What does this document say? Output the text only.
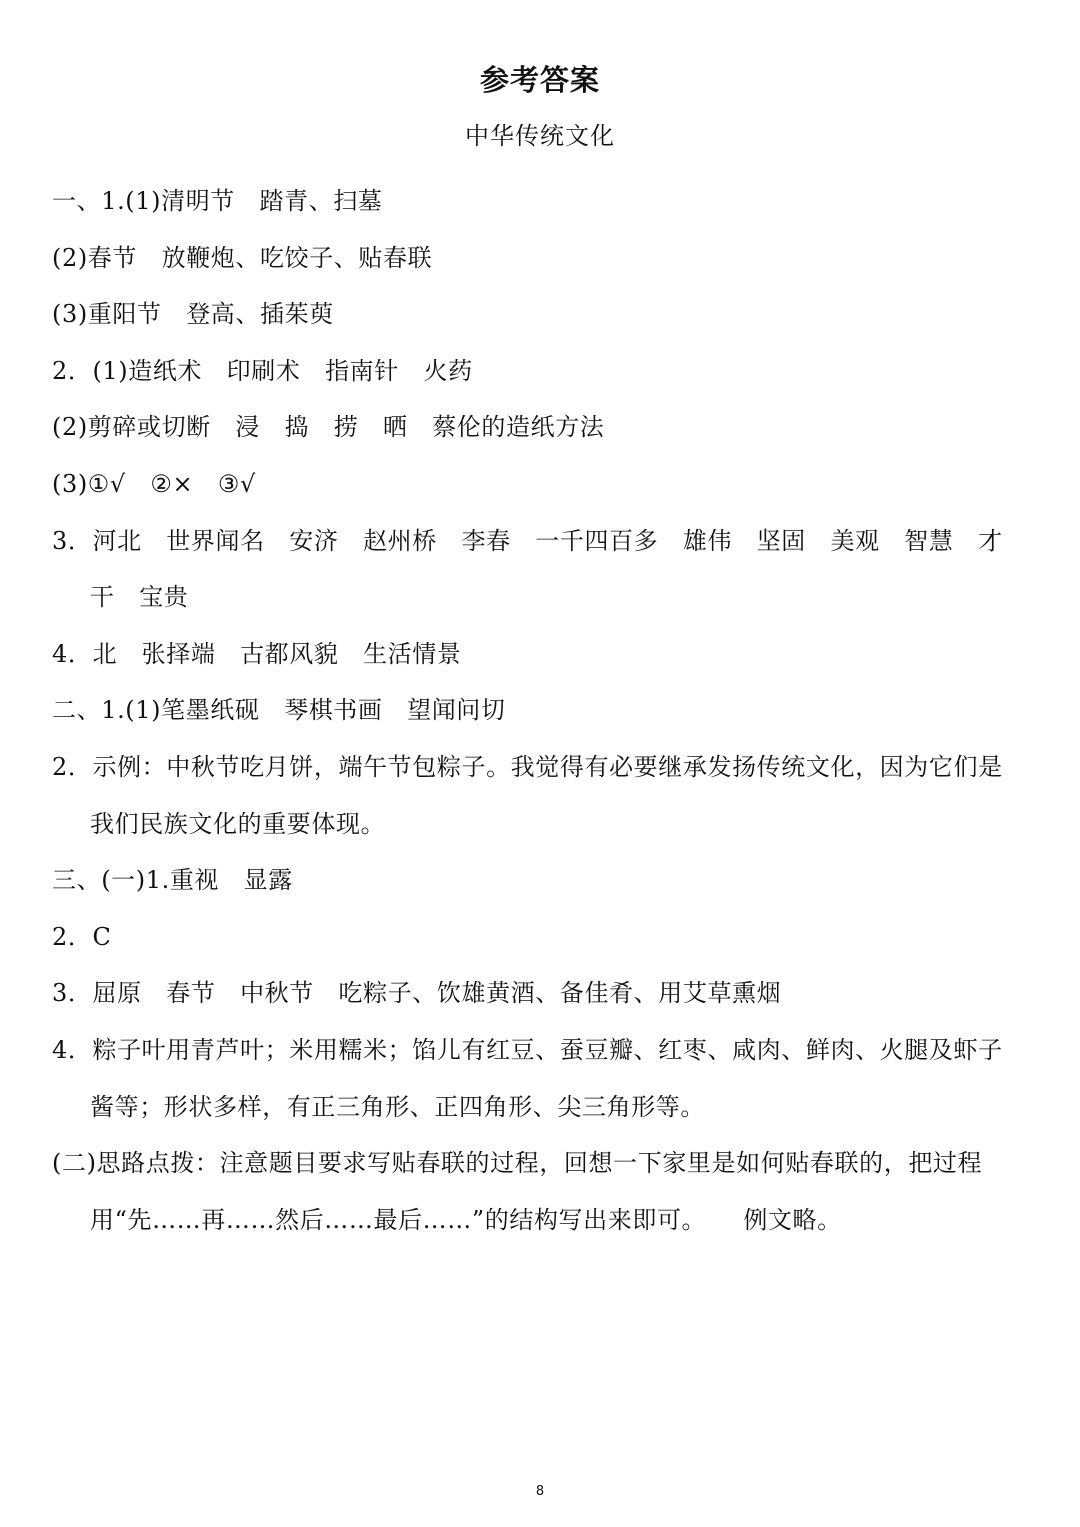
参考答案
中华传统文化
一、1.(1)清明节　踏青、扫墓
(2)春节　放鞭炮、吃饺子、贴春联
(3)重阳节　登高、插茱萸
2．(1)造纸术　印刷术　指南针　火药
(2)剪碎或切断　浸　捣　捞　晒　蔡伦的造纸方法
(3)①√　②×　③√
3．河北　世界闻名　安济　赵州桥　李春　一千四百多　雄伟　坚固　美观　智慧　才
干　宝贵
4．北　张择端　古都风貌　生活情景
二、1.(1)笔墨纸砚　琴棋书画　望闻问切
2．示例：中秋节吃月饼，端午节包粽子。我觉得有必要继承发扬传统文化，因为它们是
我们民族文化的重要体现。
三、(一)1.重视　显露
2．C
3．屈原　春节　中秋节　吃粽子、饮雄黄酒、备佳肴、用艾草熏烟
4．粽子叶用青芦叶；米用糯米；馅儿有红豆、蚕豆瓣、红枣、咸肉、鲜肉、火腿及虾子
酱等；形状多样，有正三角形、正四角形、尖三角形等。
(二)思路点拨：注意题目要求写贴春联的过程，回想一下家里是如何贴春联的，把过程
用“先……再……然后……最后……”的结构写出来即可。　　例文略。
8
